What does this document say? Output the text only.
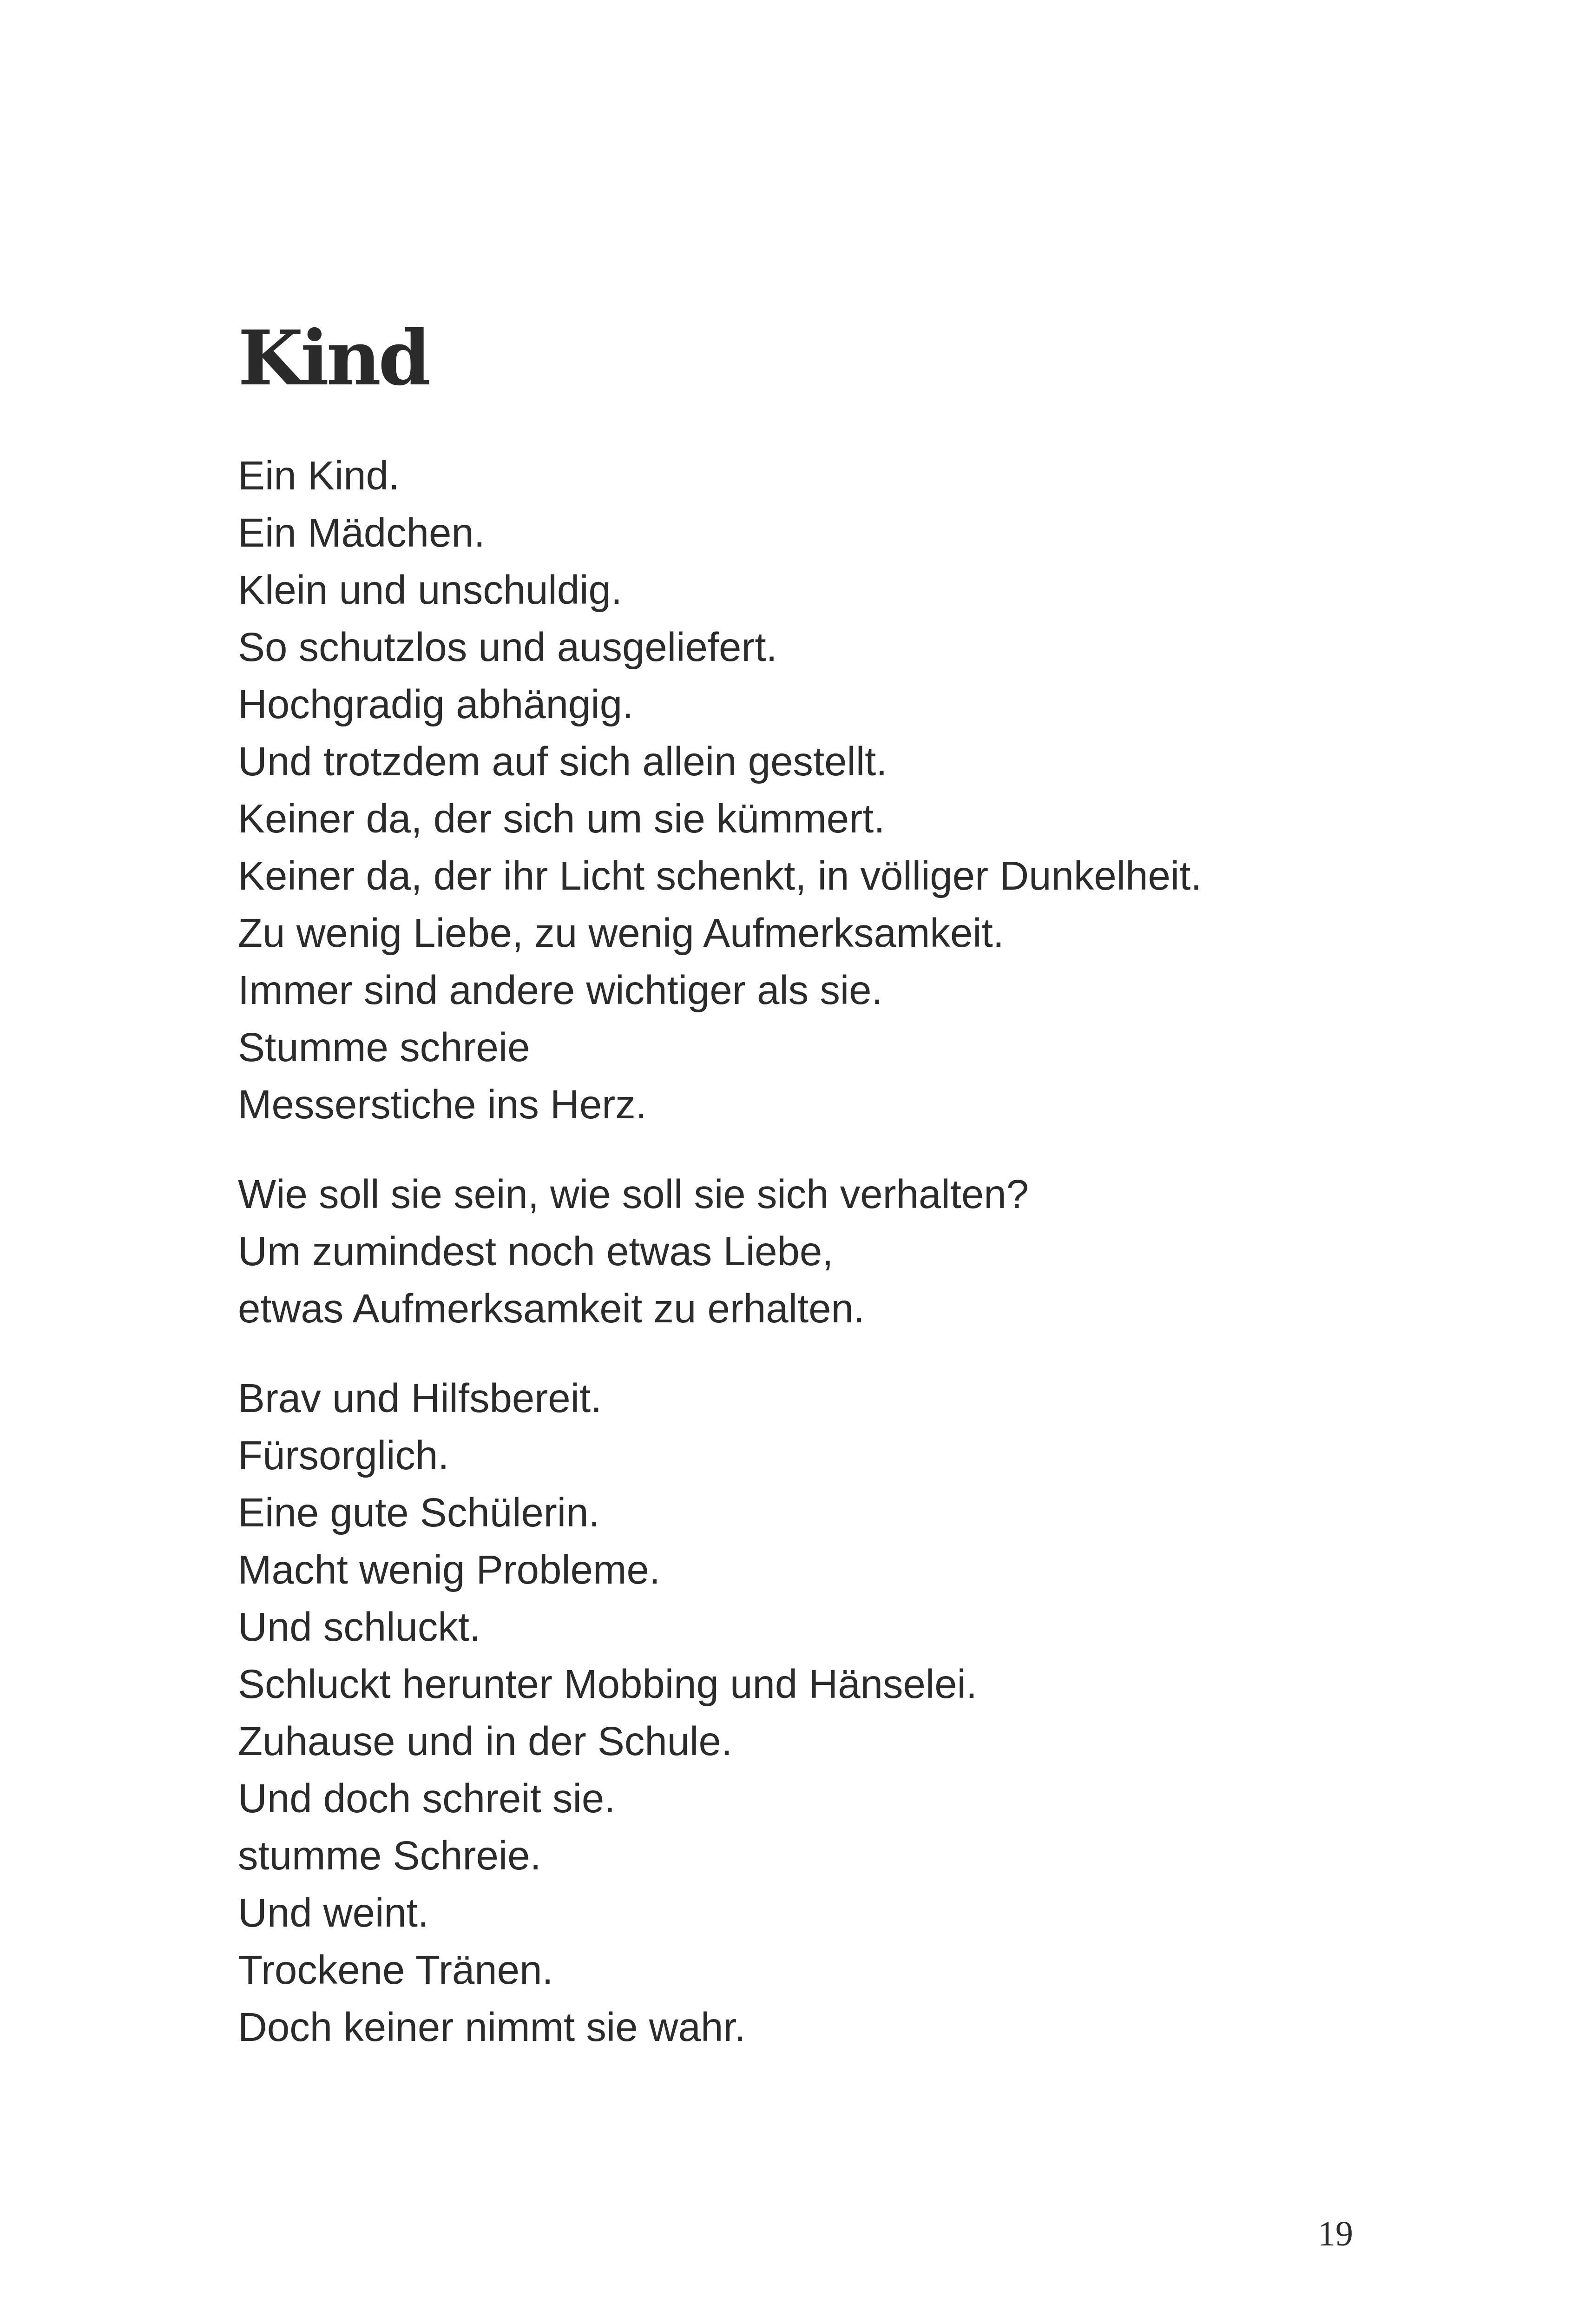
Kind

Ein Kind.
Ein Mädchen.
Klein und unschuldig.
So schutzlos und ausgeliefert.
Hochgradig abhängig.
Und trotzdem auf sich allein gestellt.
Keiner da, der sich um sie kümmert.
Keiner da, der ihr Licht schenkt, in völliger Dunkelheit.
Zu wenig Liebe, zu wenig Aufmerksamkeit.
Immer sind andere wichtiger als sie.
Stumme schreie
Messerstiche ins Herz.

Wie soll sie sein, wie soll sie sich verhalten?
Um zumindest noch etwas Liebe,
etwas Aufmerksamkeit zu erhalten.

Brav und Hilfsbereit.
Fürsorglich.
Eine gute Schülerin.
Macht wenig Probleme.
Und schluckt.
Schluckt herunter Mobbing und Hänselei.
Zuhause und in der Schule.
Und doch schreit sie.
stumme Schreie.
Und weint.
Trockene Tränen.
Doch keiner nimmt sie wahr.

19
